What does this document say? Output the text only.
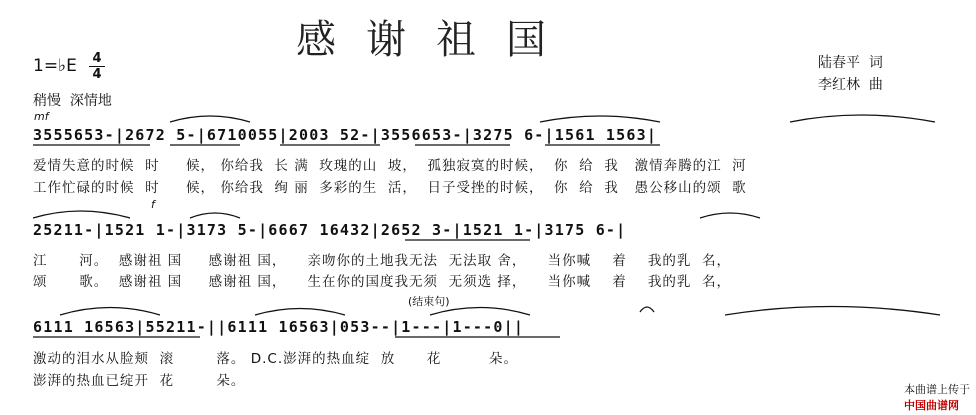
感谢祖国
1=♭E 4
4
陆春平  词
李红林  曲
稍慢  深情地
mf
f
3555653-|2672 5-|6710055|2003 52-|3556653-|3275 6-|1561 1563|
爱情失意的时候  时     候， 你给我  长 满  玫瑰的山  坡，  孤独寂寞的时候，  你  给  我   激情奔腾的江  河
工作忙碌的时候  时     候， 你给我  绚 丽  多彩的生  活，  日子受挫的时候，  你  给  我   愚公移山的颂  歌
25211-|1521 1-|3173 5-|6667 16432|2652 3-|1521 1-|3175 6-|
江      河。  感谢祖 国     感谢祖 国，    亲吻你的土地我无法  无法取 舍，    当你喊    着    我的乳  名，
颂      歌。  感谢祖 国     感谢祖 国，    生在你的国度我无须  无须选 择，    当你喊    着    我的乳  名，
(结束句)
6111 16563|55211-||6111 16563|053--|1---|1---0||
激动的泪水从脸颊  滚        落。 D.C.澎湃的热血绽  放      花         朵。
澎湃的热血已绽开  花        朵。

本曲谱上传于
中国曲谱网
